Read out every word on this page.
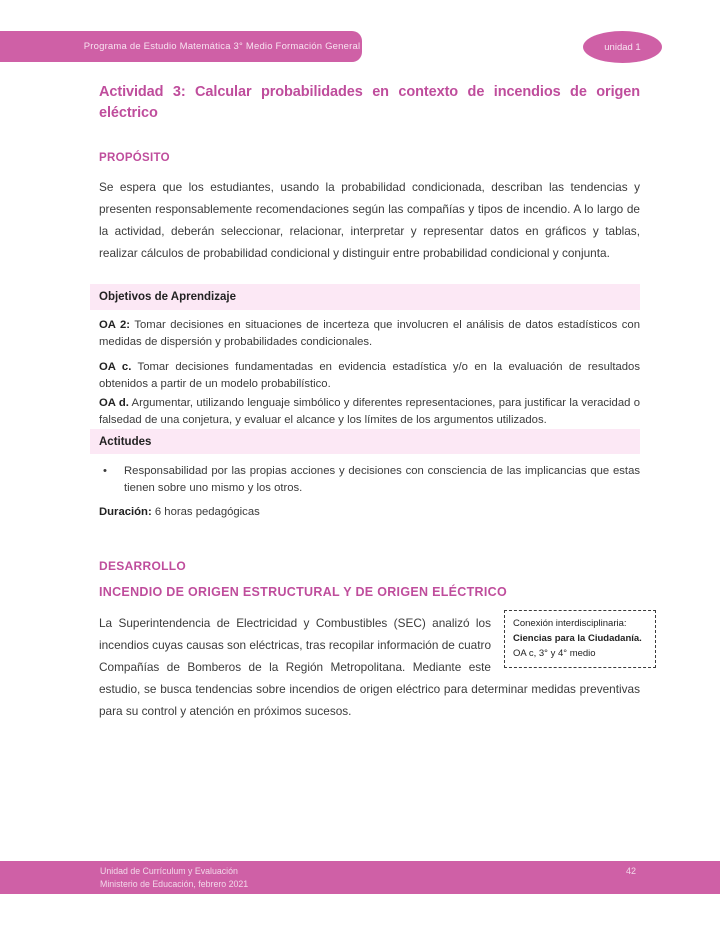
Programa de Estudio Matemática 3° Medio Formación General	unidad 1
Actividad 3: Calcular probabilidades en contexto de incendios de origen eléctrico
PROPÓSITO

Se espera que los estudiantes, usando la probabilidad condicionada, describan las tendencias y presenten responsablemente recomendaciones según las compañías y tipos de incendio. A lo largo de la actividad, deberán seleccionar, relacionar, interpretar y representar datos en gráficos y tablas, realizar cálculos de probabilidad condicional y distinguir entre probabilidad condicional y conjunta.

Objetivos de Aprendizaje

OA 2: Tomar decisiones en situaciones de incerteza que involucren el análisis de datos estadísticos con medidas de dispersión y probabilidades condicionales.

OA c. Tomar decisiones fundamentadas en evidencia estadística y/o en la evaluación de resultados obtenidos a partir de un modelo probabilístico.

OA d. Argumentar, utilizando lenguaje simbólico y diferentes representaciones, para justificar la veracidad o falsedad de una conjetura, y evaluar el alcance y los límites de los argumentos utilizados.

Actitudes
• Responsabilidad por las propias acciones y decisiones con consciencia de las implicancias que estas tienen sobre uno mismo y los otros.

Duración: 6 horas pedagógicas

DESARROLLO
INCENDIO DE ORIGEN ESTRUCTURAL Y DE ORIGEN ELÉCTRICO
Conexión interdisciplinaria:
Ciencias para la Ciudadanía.
OA c, 3° y 4° medio

La Superintendencia de Electricidad y Combustibles (SEC) analizó los incendios cuyas causas son eléctricas, tras recopilar información de cuatro Compañías de Bomberos de la Región Metropolitana. Mediante este estudio, se busca tendencias sobre incendios de origen eléctrico para determinar medidas preventivas para su control y atención en próximos sucesos.

Unidad de Currículum y Evaluación
Ministerio de Educación, febrero 2021
42
